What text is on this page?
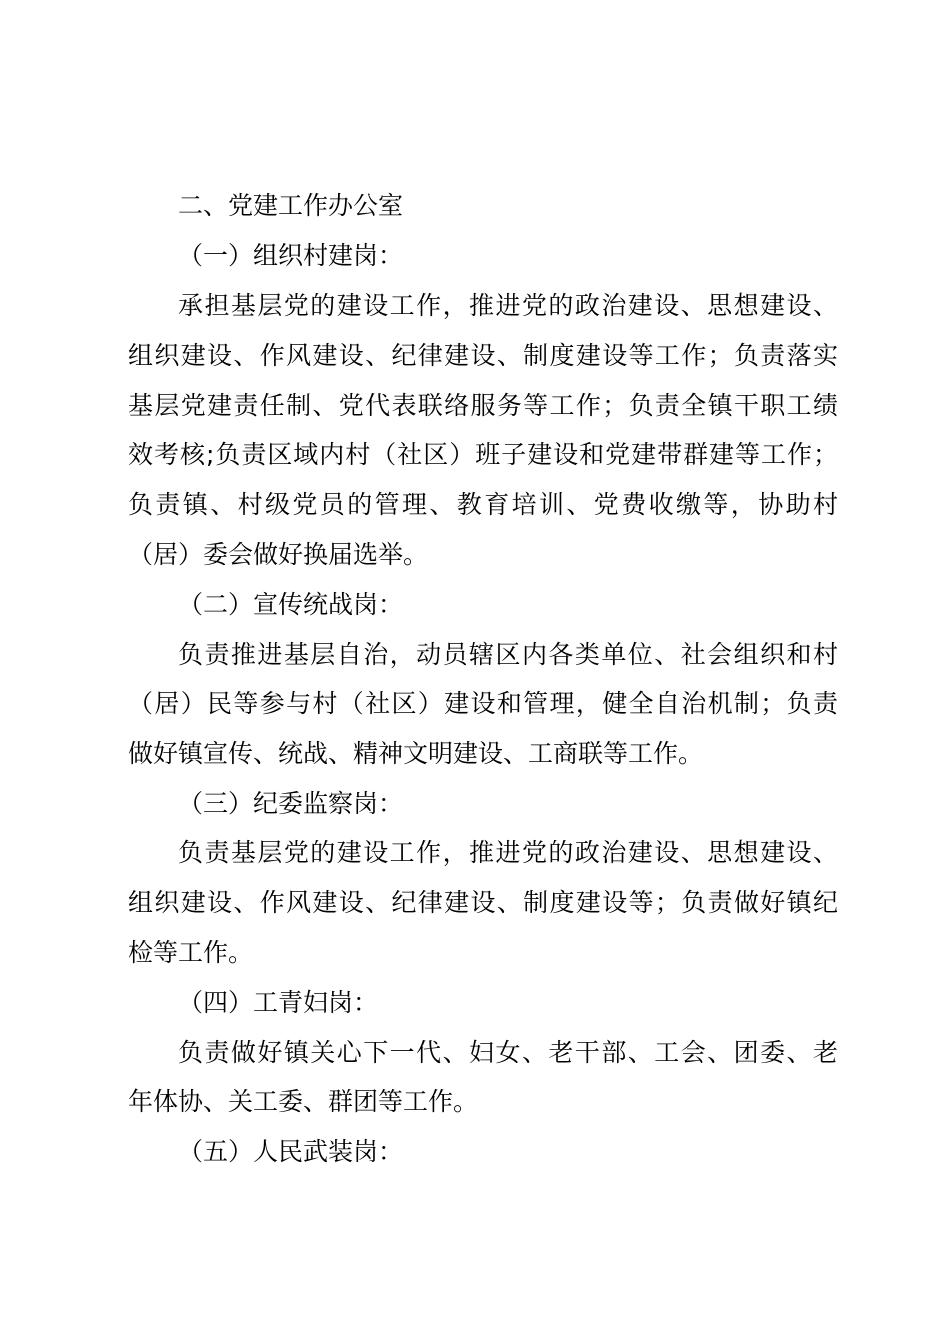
二、党建工作办公室
（一）组织村建岗：
承担基层党的建设工作，推进党的政治建设、思想建设、
组织建设、作风建设、纪律建设、制度建设等工作；负责落实
基层党建责任制、党代表联络服务等工作；负责全镇干职工绩
效考核;负责区域内村（社区）班子建设和党建带群建等工作；
负责镇、村级党员的管理、教育培训、党费收缴等，协助村
（居）委会做好换届选举。
（二）宣传统战岗：
负责推进基层自治，动员辖区内各类单位、社会组织和村
（居）民等参与村（社区）建设和管理，健全自治机制；负责
做好镇宣传、统战、精神文明建设、工商联等工作。
（三）纪委监察岗：
负责基层党的建设工作，推进党的政治建设、思想建设、
组织建设、作风建设、纪律建设、制度建设等；负责做好镇纪
检等工作。
（四）工青妇岗：
负责做好镇关心下一代、妇女、老干部、工会、团委、老
年体协、关工委、群团等工作。
（五）人民武装岗：
